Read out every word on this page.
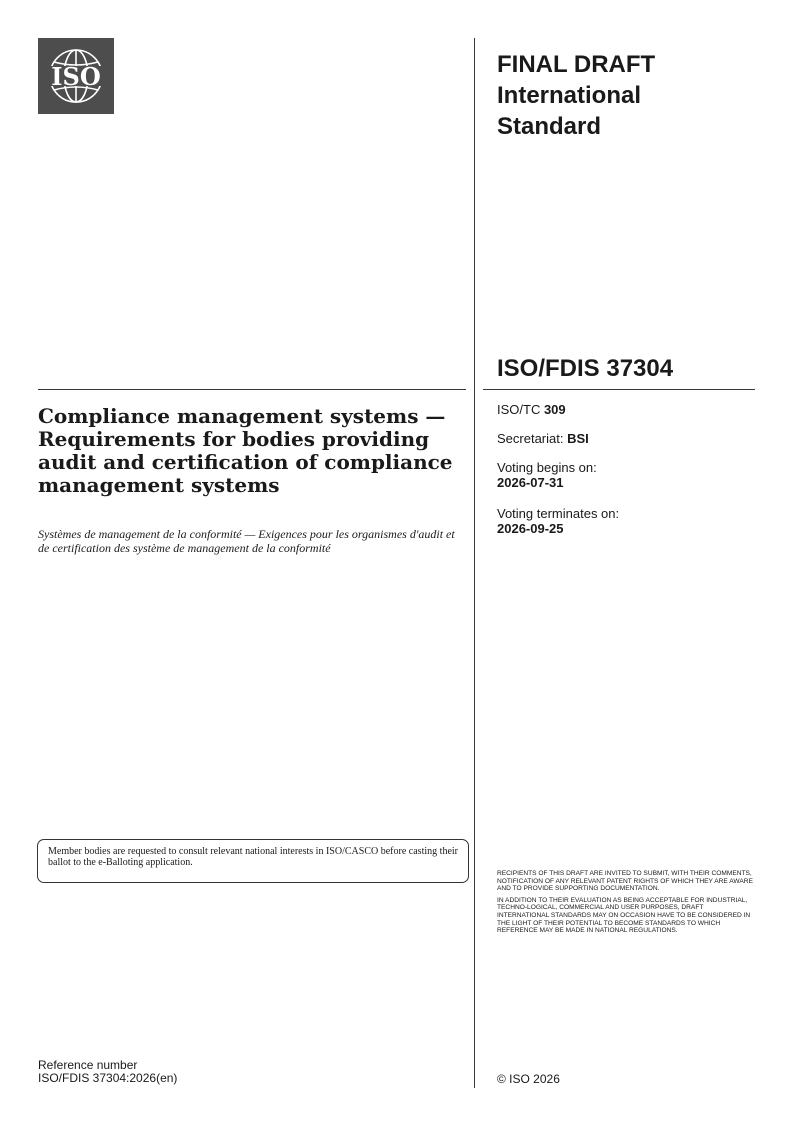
ISO	FINAL DRAFT
International
Standard
ISO/FDIS 37304
ISO/TC 309
Secretariat: BSI
Voting begins on:
2026-07-31
Voting terminates on:
2026-09-25
Compliance management systems — Requirements for bodies providing audit and certification of compliance management systems
Systèmes de management de la conformité — Exigences pour les organismes d'audit et de certification des système de management de la conformité
Member bodies are requested to consult relevant national interests in ISO/CASCO before casting their ballot to the e-Balloting application.

RECIPIENTS OF THIS DRAFT ARE INVITED TO SUBMIT, WITH THEIR COMMENTS, NOTIFICATION OF ANY RELEVANT PATENT RIGHTS OF WHICH THEY ARE AWARE AND TO PROVIDE SUPPORTING DOCUMENTATION.

IN ADDITION TO THEIR EVALUATION AS BEING ACCEPTABLE FOR INDUSTRIAL, TECHNO-LOGICAL, COMMERCIAL AND USER PURPOSES, DRAFT INTERNATIONAL STANDARDS MAY ON OCCASION HAVE TO BE CONSIDERED IN THE LIGHT OF THEIR POTENTIAL TO BECOME STANDARDS TO WHICH REFERENCE MAY BE MADE IN NATIONAL REGULATIONS.

Reference number
ISO/FDIS 37304:2026(en)	© ISO 2026
